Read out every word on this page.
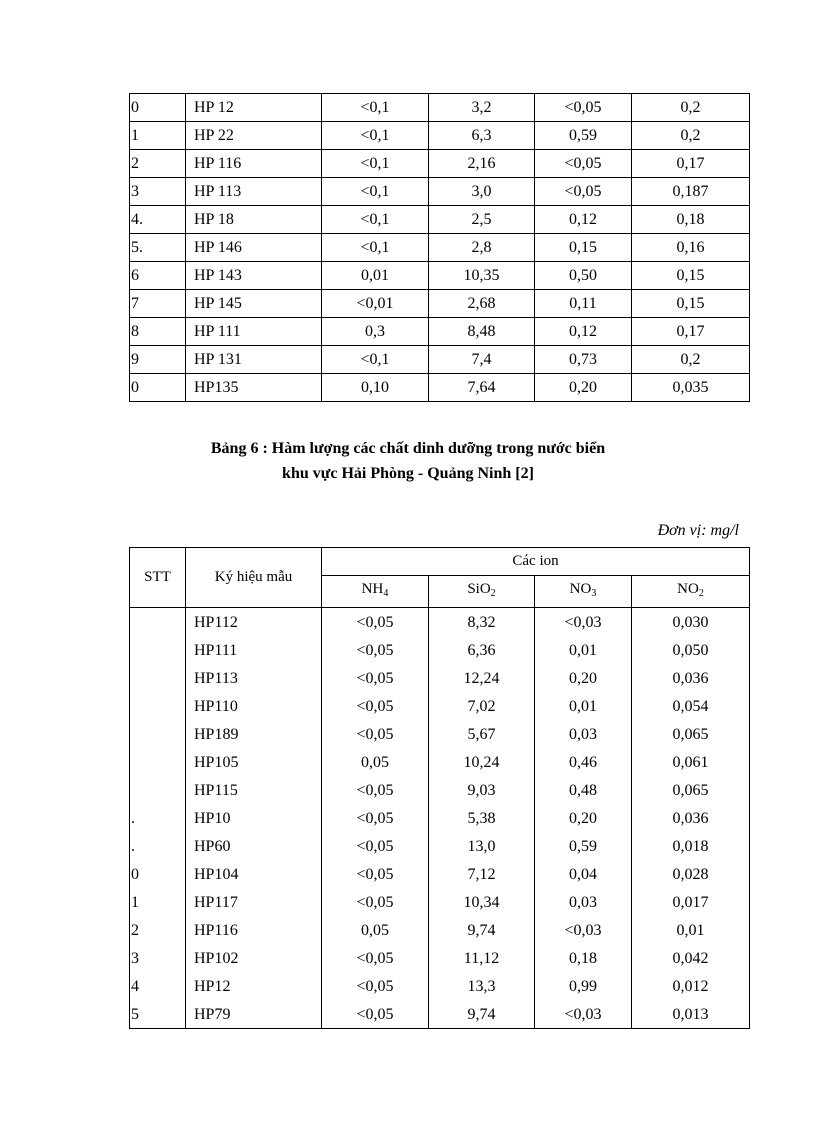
0	HP 12	<0,1	3,2	<0,05	0,2
1	HP 22	<0,1	6,3	0,59	0,2
2	HP 116	<0,1	2,16	<0,05	0,17
3	HP 113	<0,1	3,0	<0,05	0,187
4.	HP 18	<0,1	2,5	0,12	0,18
5.	HP 146	<0,1	2,8	0,15	0,16
6	HP 143	0,01	10,35	0,50	0,15
7	HP 145	<0,01	2,68	0,11	0,15
8	HP 111	0,3	8,48	0,12	0,17
9	HP 131	<0,1	7,4	0,73	0,2
0	HP135	0,10	7,64	0,20	0,035
Bảng 6 : Hàm lượng các chất dinh dưỡng trong nước biển
khu vực Hải Phòng - Quảng Ninh [2]
Đơn vị: mg/l
STT	Ký hiệu mẫu	Các ion			
		$NH_4$	SiO$_2$	$NO_3$	$NO_2$
	HP112	<0,05	8,32	<0,03	0,030
	HP111	<0,05	6,36	0,01	0,050
	HP113	<0,05	12,24	0,20	0,036
	HP110	<0,05	7,02	0,01	0,054
	HP189	<0,05	5,67	0,03	0,065
	HP105	0,05	10,24	0,46	0,061
	HP115	<0,05	9,03	0,48	0,065
.	HP10	<0,05	5,38	0,20	0,036
.	HP60	<0,05	13,0	0,59	0,018
0	HP104	<0,05	7,12	0,04	0,028
1	HP117	<0,05	10,34	0,03	0,017
2	HP116	0,05	9,74	<0,03	0,01
3	HP102	<0,05	11,12	0,18	0,042
4	HP12	<0,05	13,3	0,99	0,012
5	HP79	<0,05	9,74	<0,03	0,013
